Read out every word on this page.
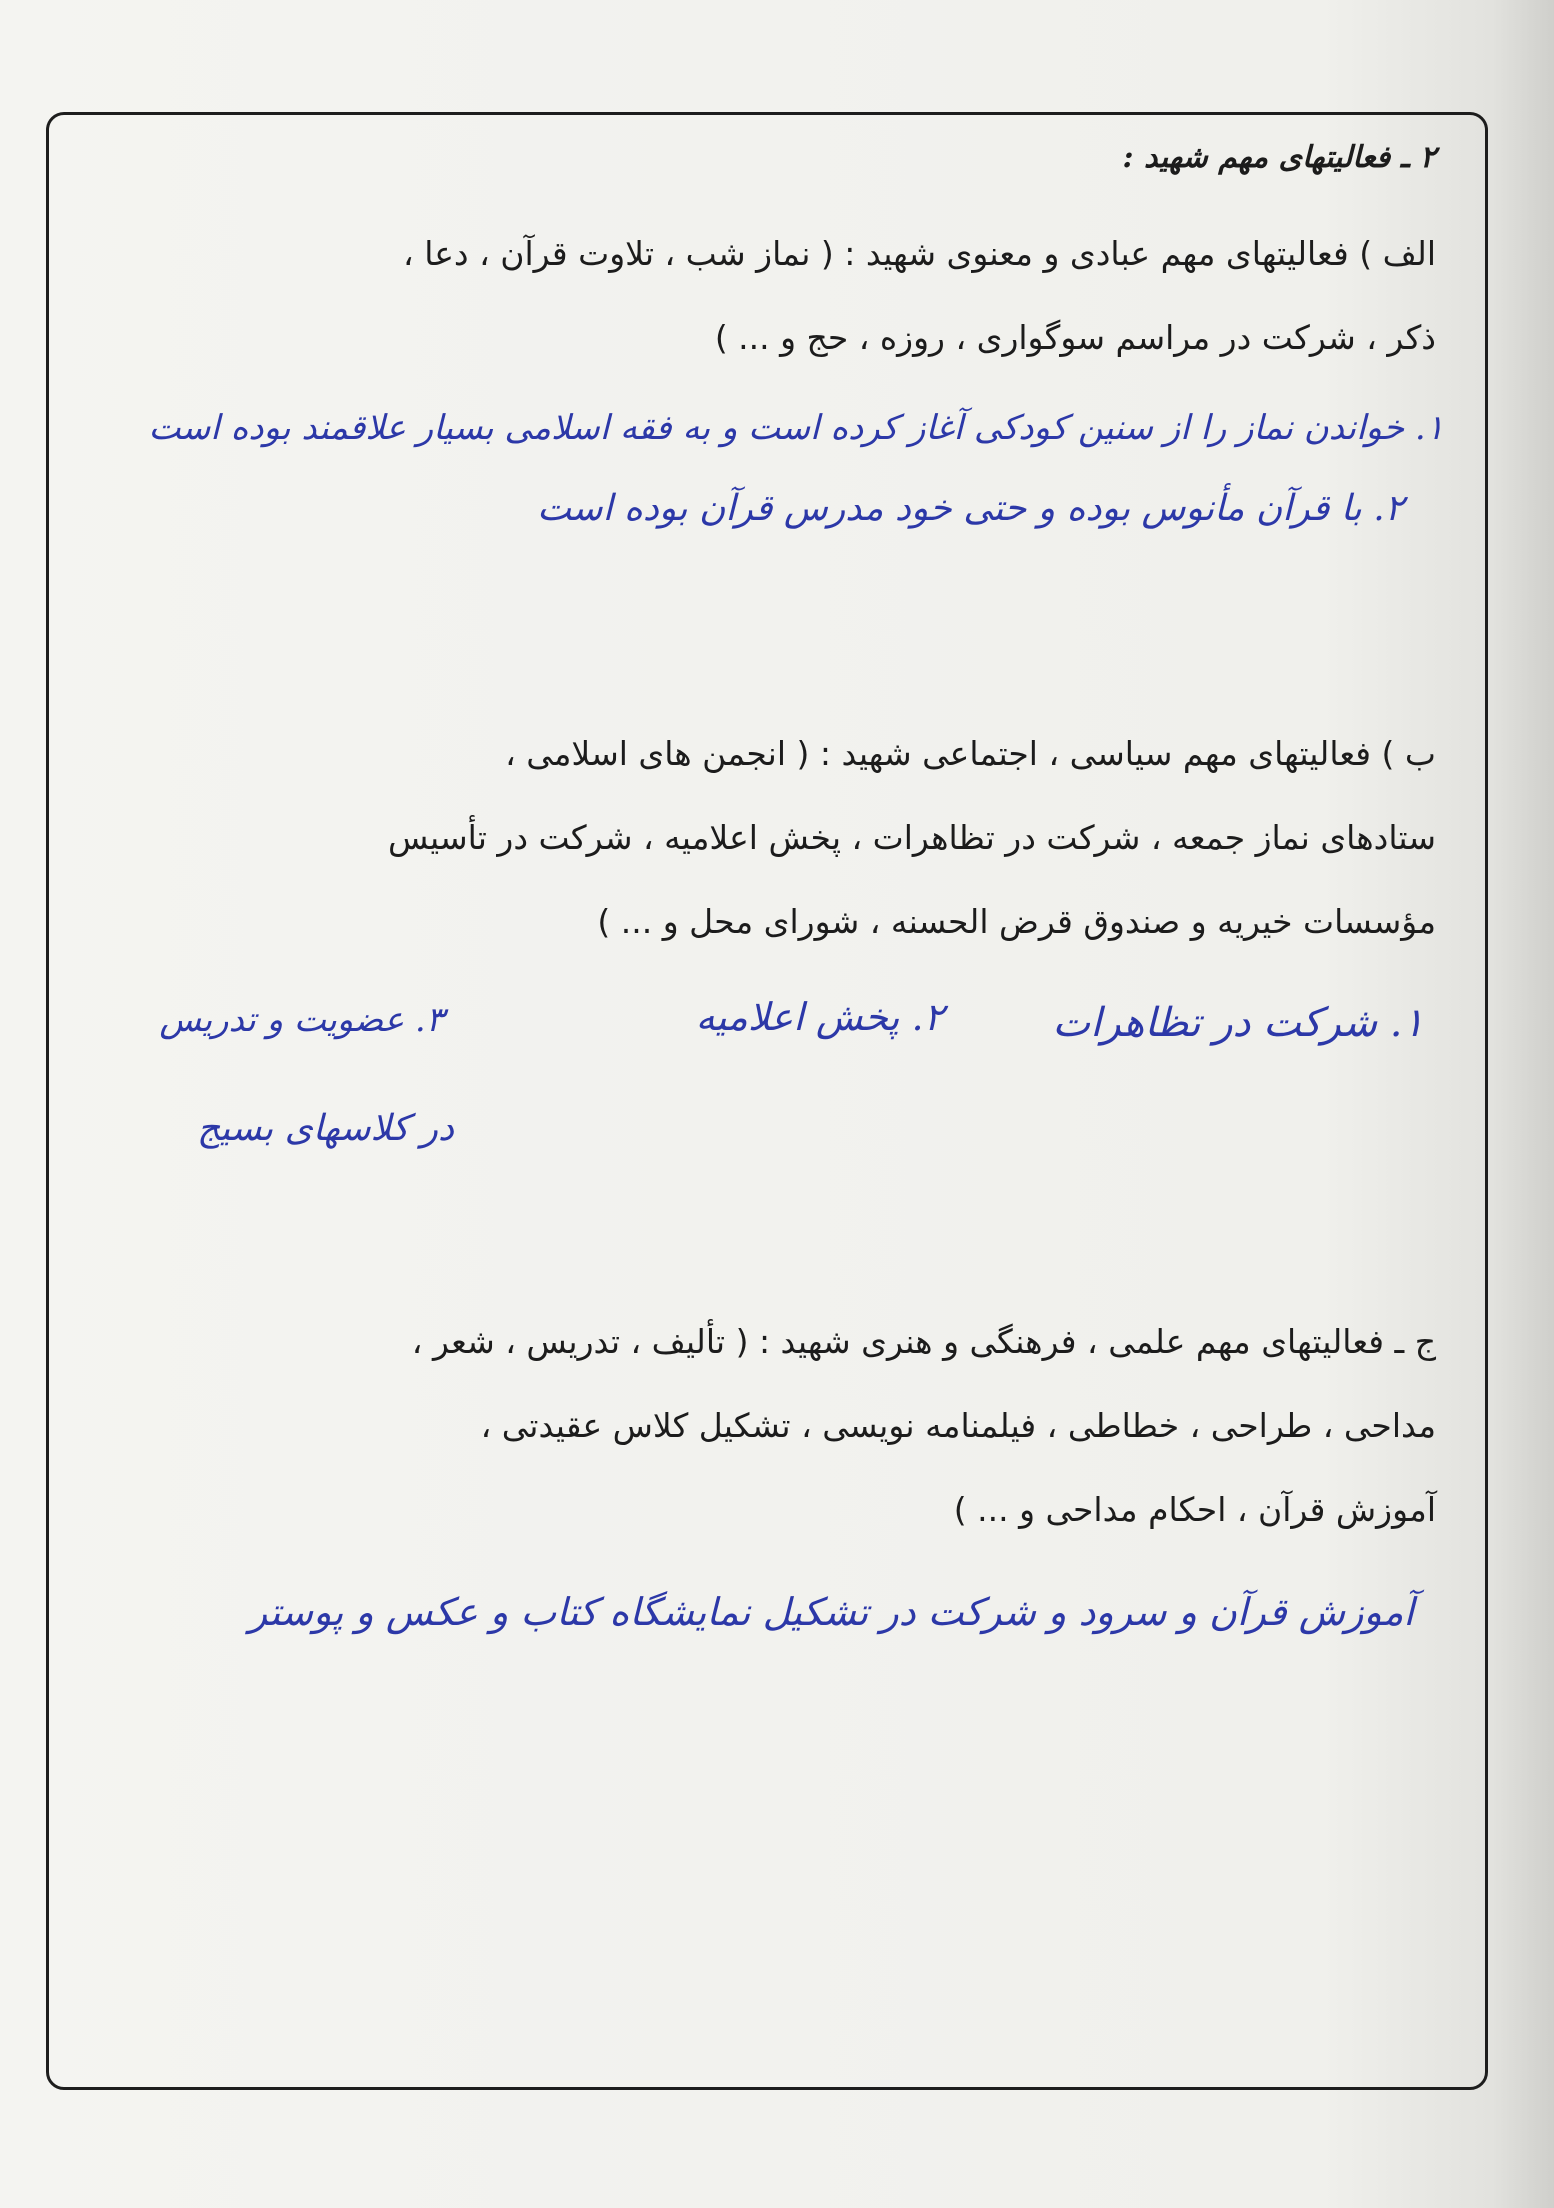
۲ ـ فعالیتهای مهم شهید :
الف ) فعالیتهای مهم عبادی و معنوی شهید : ( نماز شب ، تلاوت قرآن ، دعا ،
ذکر ، شرکت در مراسم سوگواری ، روزه ، حج و ... )
۱. خواندن نماز را از سنین کودکی آغاز کرده است و به فقه اسلامی بسیار علاقمند بوده است
۲. با قرآن مأنوس بوده و حتی خود مدرس قرآن بوده است
ب ) فعالیتهای مهم سیاسی ، اجتماعی شهید : ( انجمن های اسلامی ،
ستادهای نماز جمعه ، شرکت در تظاهرات ، پخش اعلامیه ، شرکت در تأسیس
مؤسسات خیریه و صندوق قرض الحسنه ، شورای محل و ... )
۱. شرکت در تظاهرات
۲. پخش اعلامیه
۳. عضویت و تدریس
در کلاسهای بسیج
ج ـ فعالیتهای مهم علمی ، فرهنگی و هنری شهید : ( تألیف ، تدریس ، شعر ،
مداحی ، طراحی ، خطاطی ، فیلمنامه نویسی ، تشکیل کلاس عقیدتی ،
آموزش قرآن ، احکام مداحی و ... )
آموزش قرآن و سرود و شرکت در تشکیل نمایشگاه کتاب و عکس و پوستر
